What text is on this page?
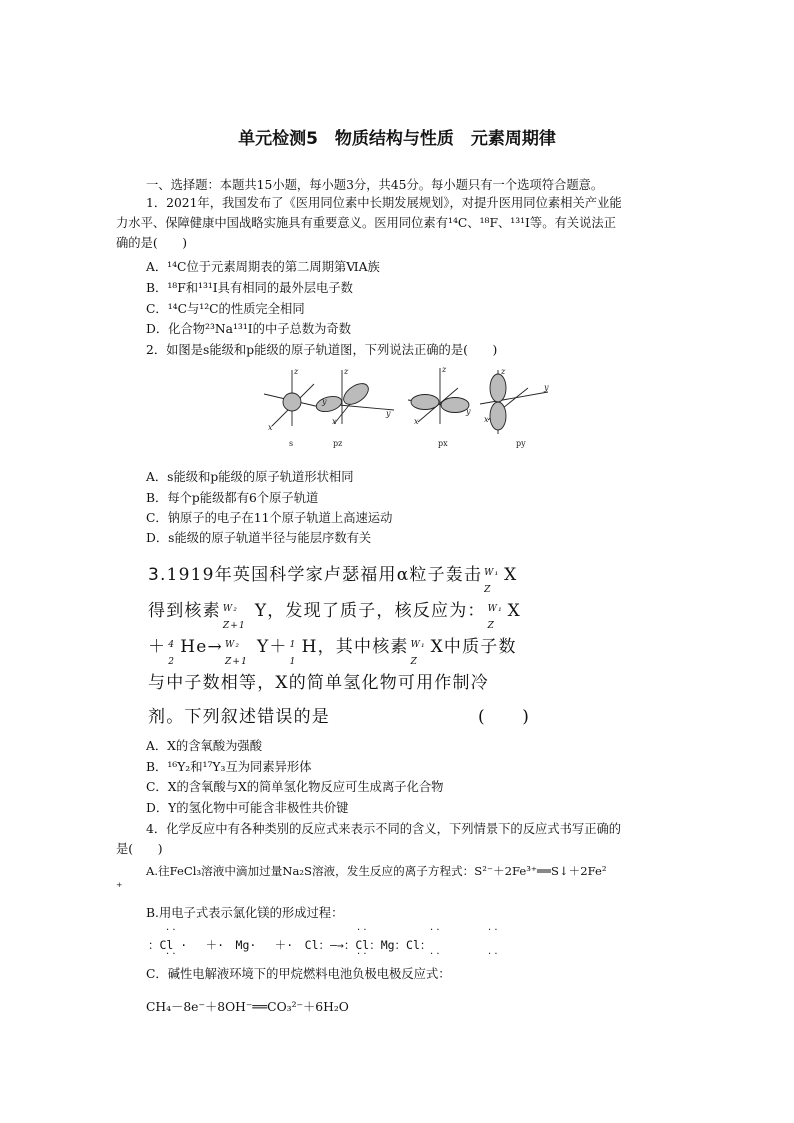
单元检测5　物质结构与性质　元素周期律
一、选择题：本题共15小题，每小题3分，共45分。每小题只有一个选项符合题意。
1．2021年，我国发布了《医用同位素中长期发展规划》，对提升医用同位素相关产业能
力水平、保障健康中国战略实施具有重要意义。医用同位素有¹⁴C、¹⁸F、¹³¹I等。有关说法正
确的是(　　)
A．¹⁴C位于元素周期表的第二周期第ⅥA族
B．¹⁸F和¹³¹I具有相同的最外层电子数
C．¹⁴C与¹²C的性质完全相同
D．化合物²³Na¹³¹I的中子总数为奇数
2．如图是s能级和p能级的原子轨道图，下列说法正确的是(　　)
z
y
x
z
y
x
z
y
x
z
y
x
s	pz	px	py
A．s能级和p能级的原子轨道形状相同
B．每个p能级都有6个原子轨道
C．钠原子的电子在11个原子轨道上高速运动
D．s能级的原子轨道半径与能层序数有关
3.1919年英国科学家卢瑟福用α粒子轰击 W₁
Z
X
得到核素 W₂
Z+1
Y，发现了质子，核反应为： W₁
Z
X
＋ 4
2
He→ W₂
Z+1
Y＋ 1
1
H，其中核素 W₁
Z
X中质子数
与中子数相等，X的简单氢化物可用作制冷
剂。下列叙述错误的是	(　　)
A．X的含氧酸为强酸
B．¹⁶Y₂和¹⁷Y₃互为同素异形体
C．X的含氧酸与X的简单氢化物反应可生成离子化合物
D．Y的氢化物中可能含非极性共价键
4．化学反应中有各种类别的反应式来表示不同的含义，下列情景下的反应式书写正确的
是(　　)
A.往FeCl₃溶液中滴加过量Na₂S溶液，发生反应的离子方程式：S²⁻＋2Fe³⁺══S↓＋2Fe²
⁺
B.用电子式表示氯化镁的形成过程：
· ·	· ·	· ·	· ·
：Cl ·　 ＋·　Mg·　 ＋·　Cl：—→：Cl：Mg：Cl：
· ·	· ·	· ·	· ·
C．碱性电解液环境下的甲烷燃料电池负极电极反应式：
CH₄－8e⁻＋8OH⁻══CO₃²⁻＋6H₂O
